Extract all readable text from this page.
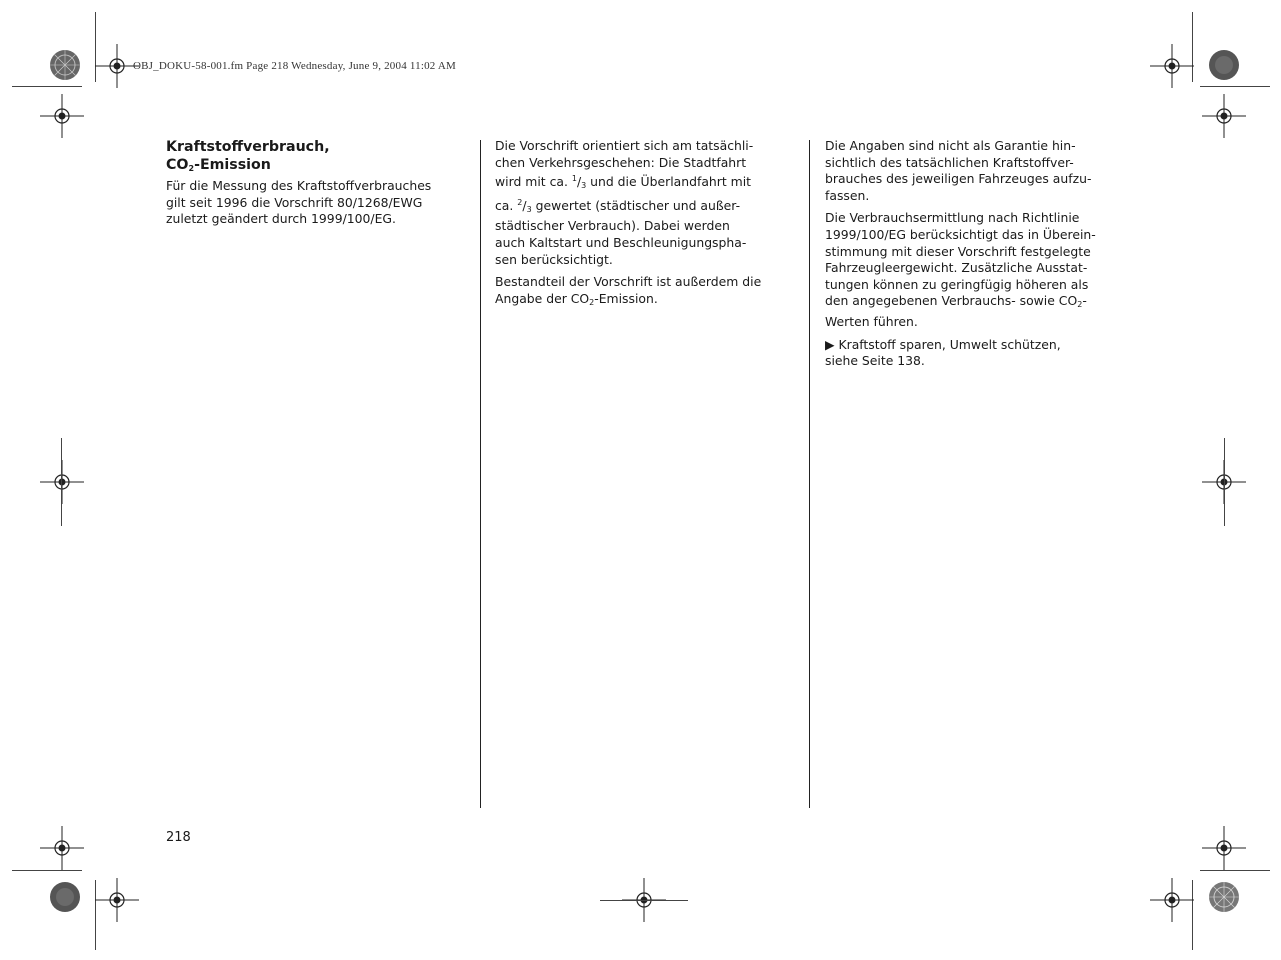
OBJ_DOKU-58-001.fm Page 218 Wednesday, June 9, 2004 11:02 AM
Kraftstoffverbrauch,
$CO_2$-Emission

Für die Messung des Kraftstoffverbrauches
gilt seit 1996 die Vorschrift 80/1268/EWG
zuletzt geändert durch 1999/100/EG.

Die Vorschrift orientiert sich am tatsächli-
chen Verkehrsgeschehen: Die Stadtfahrt
wird mit ca. $^1/_3$ und die Überlandfahrt mit
ca. $^2/_3$ gewertet (städtischer und außer-
städtischer Verbrauch). Dabei werden
auch Kaltstart und Beschleunigungspha-
sen berücksichtigt.

Bestandteil der Vorschrift ist außerdem die
Angabe der $CO_2$-Emission.

Die Angaben sind nicht als Garantie hin-
sichtlich des tatsächlichen Kraftstoffver-
brauches des jeweiligen Fahrzeuges aufzu-
fassen.

Die Verbrauchsermittlung nach Richtlinie
1999/100/EG berücksichtigt das in Überein-
stimmung mit dieser Vorschrift festgelegte
Fahrzeugleergewicht. Zusätzliche Ausstat-
tungen können zu geringfügig höheren als
den angegebenen Verbrauchs- sowie $CO_2-$
Werten führen.

▶ Kraftstoff sparen, Umwelt schützen,
siehe Seite 138.

218
